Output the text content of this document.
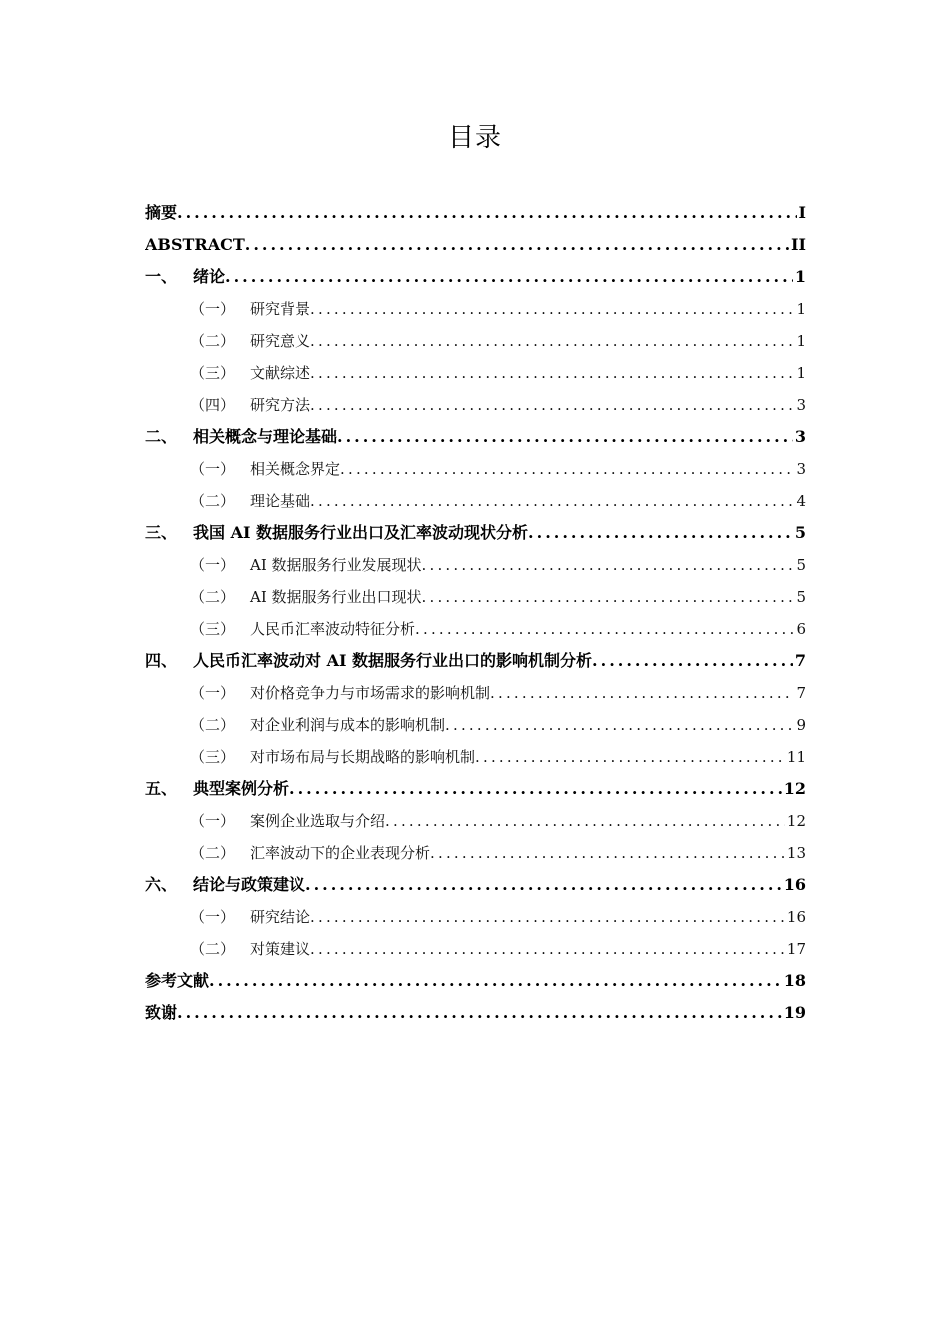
目录
摘要 .....	I
ABSTRACT .....	II
一、 绪论 .....	1
（一） 研究背景 .....	1
（二） 研究意义 .....	1
（三） 文献综述 .....	1
（四） 研究方法 .....	3
二、 相关概念与理论基础 .....	3
（一） 相关概念界定 .....	3
（二） 理论基础 .....	4
三、 我国 AI 数据服务行业出口及汇率波动现状分析 .....	5
（一） AI 数据服务行业发展现状 .....	5
（二） AI 数据服务行业出口现状 .....	5
（三） 人民币汇率波动特征分析 .....	6
四、 人民币汇率波动对 AI 数据服务行业出口的影响机制分析 .....	7
（一） 对价格竞争力与市场需求的影响机制 .....	7
（二） 对企业利润与成本的影响机制 .....	9
（三） 对市场布局与长期战略的影响机制 .....	11
五、 典型案例分析 .....	12
（一） 案例企业选取与介绍 .....	12
（二） 汇率波动下的企业表现分析 .....	13
六、 结论与政策建议 .....	16
（一） 研究结论 .....	16
（二） 对策建议 .....	17
参考文献 .....	18
致谢 .....	19
